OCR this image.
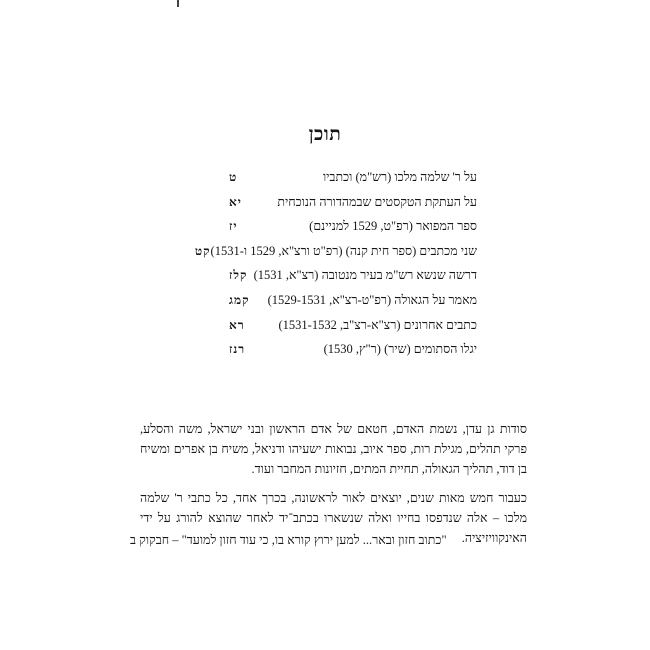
תוכן
על ר' שלמה מלכו (רש"מ) וכתביו
ט
על העתקת הטקסטים שבמהדורה הנוכחית
יא
ספר המפואר (רפ"ט, 1529 למניינם)
יז
שני מכתבים (ספר חית קנה) (רפ"ט ורצ"א, 1529 ו-1531)
קט
דרשה שנשא רש"מ בעיר מנטובה (רצ"א, 1531)
קלז
מאמר על הגאולה (רפ"ט-רצ"א, 1529-1531)
קמג
כתבים אחרונים (רצ"א-רצ"ב, 1531-1532)
רא
יגלו הסתומים (שיר) (ר"ץ, 1530)
רנז

סודות גן עדן, נשמת האדם, חטאם של אדם הראשון ובני ישראל, משה והסלע, פרקי תהלים, מגילת רות, ספר איוב, נבואות ישעיהו ודניאל, משיח בן אפרים ומשיח בן דוד, תהליך הגאולה, תחיית המתים, חזיונות המחבר ועוד.

כעבור חמש מאות שנים, יוצאים לאור לראשונה, בכרך אחד, כל כתבי ר' שלמה מלכו – אלה שנדפסו בחייו ואלה שנשארו בכתב־יד לאחר שהוצא להורג על ידי האינקוויזיציה.

"כתוב חזון ובאר... למען ירוץ קורא בו, כי עוד חזון למועד" – חבקוק ב
